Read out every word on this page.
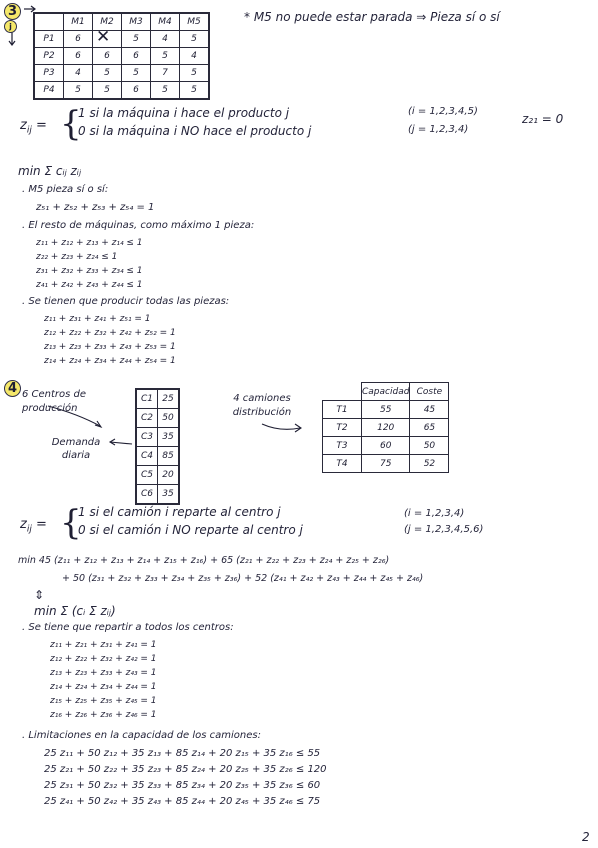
3
j
		M1	M2	M3	M4	M5
P1	6		5	4	5
P2	6	6	6	5	4
P3	4	5	5	7	5
P4	5	5	6	5	5
✕
* M5 no puede estar parada ⇒ Pieza sí o sí
$z_{ij}$ = {
1 si la máquina i hace el producto j
0 si la máquina i NO hace el producto j
(i = 1,2,3,4,5)
(j = 1,2,3,4)
z₂₁ = 0
min Σ cᵢⱼ zᵢⱼ
. M5 pieza sí o sí:
z₅₁ + z₅₂ + z₅₃ + z₅₄ = 1
. El resto de máquinas, como máximo 1 pieza:
z₁₁ + z₁₂ + z₁₃ + z₁₄ ≤ 1
z₂₂ + z₂₃ + z₂₄ ≤ 1
z₃₁ + z₃₂ + z₃₃ + z₃₄ ≤ 1
z₄₁ + z₄₂ + z₄₃ + z₄₄ ≤ 1
. Se tienen que producir todas las piezas:
z₁₁ + z₃₁ + z₄₁ + z₅₁ = 1
z₁₂ + z₂₂ + z₃₂ + z₄₂ + z₅₂ = 1
z₁₃ + z₂₃ + z₃₃ + z₄₃ + z₅₃ = 1
z₁₄ + z₂₄ + z₃₄ + z₄₄ + z₅₄ = 1
4 6 Centros de producción
Demanda diaria
C1	25
C2	50
C3	35
C4	85
C5	20
C6	35
4 camiones distribución
	Capacidad	Coste
T1	55	45
T2	120	65
T3	60	50
T4	75	52
$z_{ij}$ = {
1 si el camión i reparte al centro j
0 si el camión i NO reparte al centro j
(i = 1,2,3,4)
(j = 1,2,3,4,5,6)
min 45 (z₁₁ + z₁₂ + z₁₃ + z₁₄ + z₁₅ + z₁₆) + 65 (z₂₁ + z₂₂ + z₂₃ + z₂₄ + z₂₅ + z₂₆)
+ 50 (z₃₁ + z₃₂ + z₃₃ + z₃₄ + z₃₅ + z₃₆) + 52 (z₄₁ + z₄₂ + z₄₃ + z₄₄ + z₄₅ + z₄₆)
⇕
min Σ (cᵢ Σ zᵢⱼ)
. Se tiene que repartir a todos los centros:
z₁₁ + z₂₁ + z₃₁ + z₄₁ = 1
z₁₂ + z₂₂ + z₃₂ + z₄₂ = 1
z₁₃ + z₂₃ + z₃₃ + z₄₃ = 1
z₁₄ + z₂₄ + z₃₄ + z₄₄ = 1
z₁₅ + z₂₅ + z₃₅ + z₄₅ = 1
z₁₆ + z₂₆ + z₃₆ + z₄₆ = 1
. Limitaciones en la capacidad de los camiones:
25 z₁₁ + 50 z₁₂ + 35 z₁₃ + 85 z₁₄ + 20 z₁₅ + 35 z₁₆ ≤ 55
25 z₂₁ + 50 z₂₂ + 35 z₂₃ + 85 z₂₄ + 20 z₂₅ + 35 z₂₆ ≤ 120
25 z₃₁ + 50 z₃₂ + 35 z₃₃ + 85 z₃₄ + 20 z₃₅ + 35 z₃₆ ≤ 60
25 z₄₁ + 50 z₄₂ + 35 z₄₃ + 85 z₄₄ + 20 z₄₅ + 35 z₄₆ ≤ 75
2
